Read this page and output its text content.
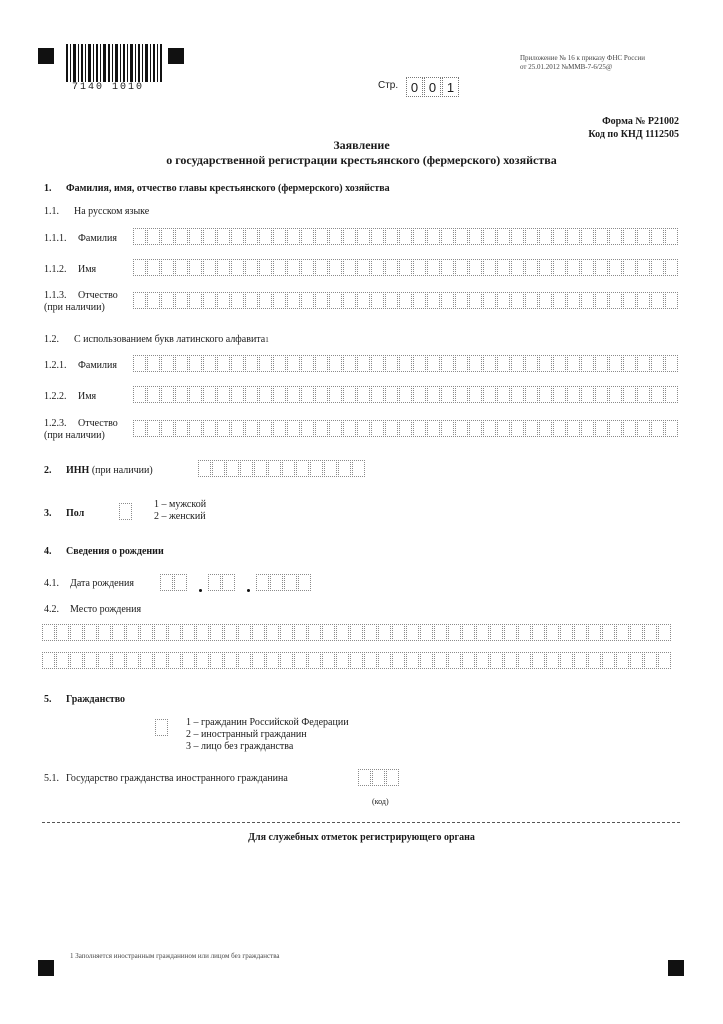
7140 1010
Приложение № 16 к приказу ФНС России
от 25.01.2012 №ММВ-7-6/25@
Стр. 0 0 1
Форма № Р21002
Код по КНД 1112505
Заявление
о государственной регистрации крестьянского (фермерского) хозяйства
1. Фамилия, имя, отчество главы крестьянского (фермерского) хозяйства
1.1. На русском языке
1.1.1. Фамилия
1.1.2. Имя
1.1.3. Отчество
(при наличии)
1.2. С использованием букв латинского алфавита$^1$
1.2.1. Фамилия
1.2.2. Имя
1.2.3. Отчество
(при наличии)
2. ИНН (при наличии)
3. Пол
1 – мужской
2 – женский
4. Сведения о рождении
4.1. Дата рождения
4.2. Место рождения
5. Гражданство
1 – гражданин Российской Федерации
2 – иностранный гражданин
3 – лицо без гражданства
5.1. Государство гражданства иностранного гражданина
(код)
Для служебных отметок регистрирующего органа
1 Заполняется иностранным гражданином или лицом без гражданства
